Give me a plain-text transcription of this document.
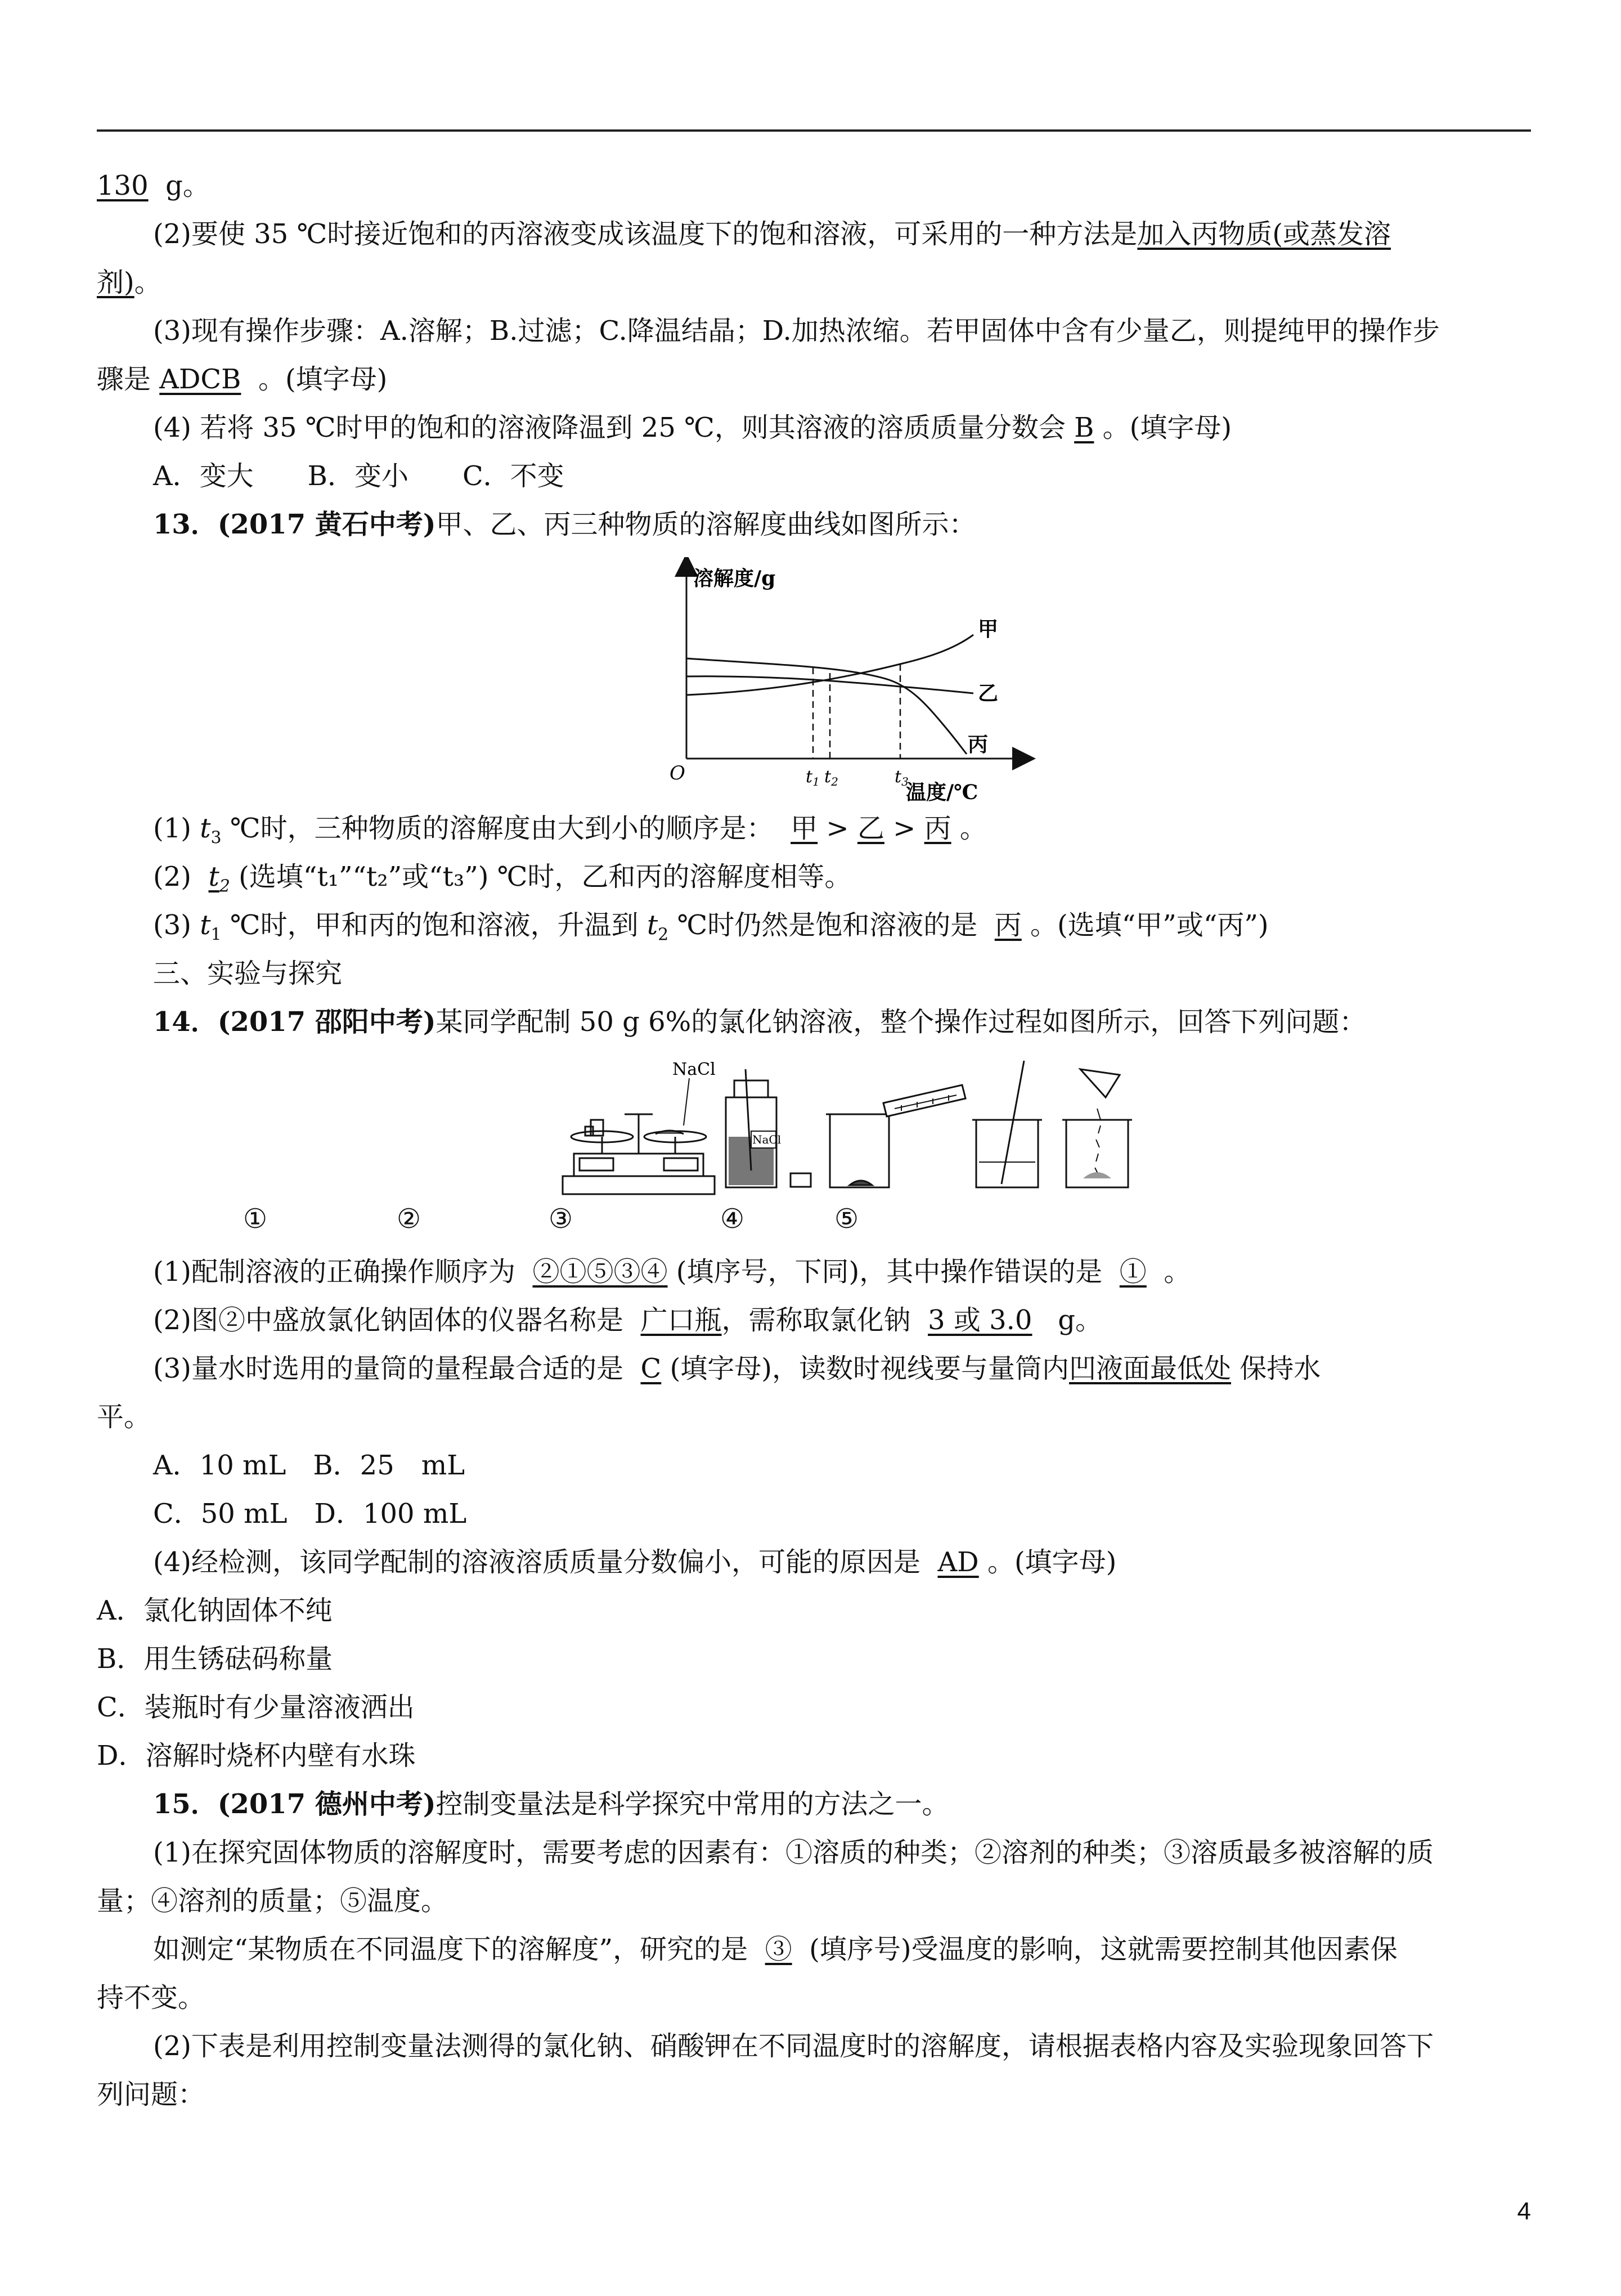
130 g。
(2)要使 35 ℃时接近饱和的丙溶液变成该温度下的饱和溶液，可采用的一种方法是加入丙物质(或蒸发溶
剂)。
(3)现有操作步骤：A.溶解；B.过滤；C.降温结晶；D.加热浓缩。若甲固体中含有少量乙，则提纯甲的操作步
骤是 ADCB 。(填字母)
(4) 若将 35 ℃时甲的饱和的溶液降温到 25 ℃，则其溶液的溶质质量分数会 B 。(填字母)
A．变大　　B．变小　　C．不变
13．(2017 黄石中考)甲、乙、丙三种物质的溶解度曲线如图所示：
溶解度/g
温度/℃
O
甲
乙
丙
$t_1$ $t_2$	$t_3$
(1) $t_3$ ℃时，三种物质的溶解度由大到小的顺序是： 甲 > 乙 > 丙 。
(2) $t_2$ (选填“t₁”“t₂”或“t₃”) ℃时，乙和丙的溶解度相等。
(3) $t_1$ ℃时，甲和丙的饱和溶液，升温到 $t_2$ ℃时仍然是饱和溶液的是 丙 。(选填“甲”或“丙”)
三、实验与探究
14．(2017 邵阳中考)某同学配制 50 g 6%的氯化钠溶液，整个操作过程如图所示，回答下列问题：
NaCl
NaCl
①	②	③	④	⑤
(1)配制溶液的正确操作顺序为 ②①⑤③④ (填序号，下同)，其中操作错误的是 ① 。
(2)图②中盛放氯化钠固体的仪器名称是 广口瓶，需称取氯化钠 3 或 3.0 g。
(3)量水时选用的量筒的量程最合适的是 C (填字母)，读数时视线要与量筒内凹液面最低处 保持水
平。
A．10 mL　B．25　mL
C．50 mL　D．100 mL
(4)经检测，该同学配制的溶液溶质质量分数偏小，可能的原因是 AD 。(填字母)
A．氯化钠固体不纯
B．用生锈砝码称量
C．装瓶时有少量溶液洒出
D．溶解时烧杯内壁有水珠
15．(2017 德州中考)控制变量法是科学探究中常用的方法之一。
(1)在探究固体物质的溶解度时，需要考虑的因素有：①溶质的种类；②溶剂的种类；③溶质最多被溶解的质
量；④溶剂的质量；⑤温度。
如测定“某物质在不同温度下的溶解度”，研究的是 ③ (填序号)受温度的影响，这就需要控制其他因素保
持不变。
(2)下表是利用控制变量法测得的氯化钠、硝酸钾在不同温度时的溶解度，请根据表格内容及实验现象回答下
列问题：
4
